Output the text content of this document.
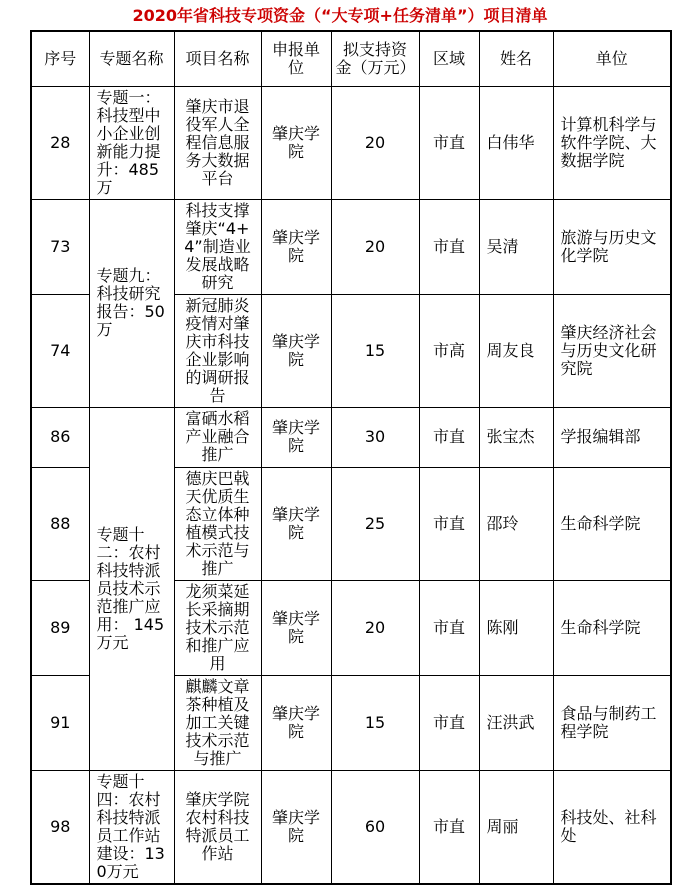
2020年省科技专项资金（“大专项+任务清单”）项目清单
序号	专题名称	项目名称	申报单位	拟支持资金（万元）	区域	姓名	单位
28	专题一：科技型中小企业创新能力提升：485万	肇庆市退役军人全程信息服务大数据平台	肇庆学院	20	市直	白伟华	计算机科学与软件学院、大数据学院
73	专题九：科技研究报告：50万	科技支撑肇庆“4+4”制造业发展战略研究	肇庆学院	20	市直	吴清	旅游与历史文化学院
74		新冠肺炎疫情对肇庆市科技企业影响的调研报告	肇庆学院	15	市高	周友良	肇庆经济社会与历史文化研究院
86	专题十二：农村科技特派员技术示范推广应用： 145万元	富硒水稻产业融合推广	肇庆学院	30	市直	张宝杰	学报编辑部
88		德庆巴戟天优质生态立体种植模式技术示范与推广	肇庆学院	25	市直	邵玲	生命科学院
89		龙须菜延长采摘期技术示范和推广应用	肇庆学院	20	市直	陈刚	生命科学院
91		麒麟文章茶种植及加工关键技术示范与推广	肇庆学院	15	市直	汪洪武	食品与制药工程学院
98	专题十四：农村科技特派员工作站建设：130万元	肇庆学院农村科技特派员工作站	肇庆学院	60	市直	周丽	科技处、社科处
